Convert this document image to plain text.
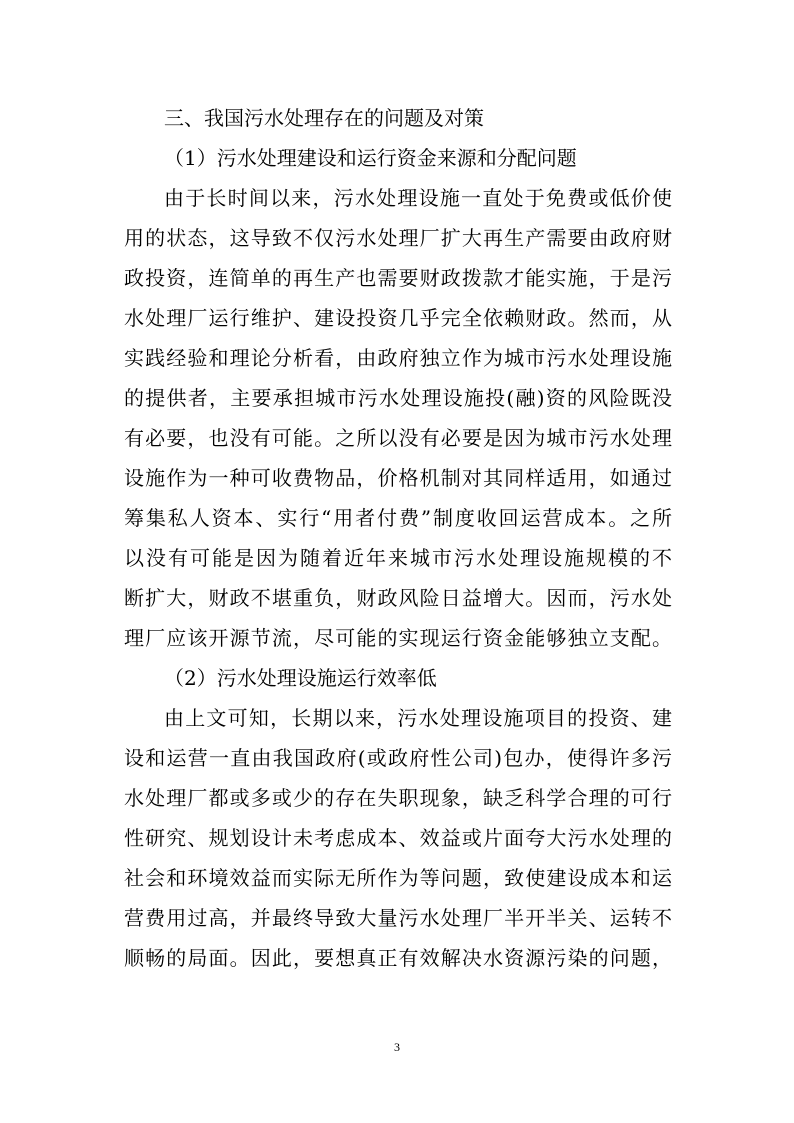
三、我国污水处理存在的问题及对策
（1）污水处理建设和运行资金来源和分配问题
由于长时间以来，污水处理设施一直处于免费或低价使
用的状态，这导致不仅污水处理厂扩大再生产需要由政府财
政投资，连简单的再生产也需要财政拨款才能实施，于是污
水处理厂运行维护、建设投资几乎完全依赖财政。然而，从
实践经验和理论分析看，由政府独立作为城市污水处理设施
的提供者，主要承担城市污水处理设施投(融)资的风险既没
有必要，也没有可能。之所以没有必要是因为城市污水处理
设施作为一种可收费物品，价格机制对其同样适用，如通过
筹集私人资本、实行“用者付费”制度收回运营成本。之所
以没有可能是因为随着近年来城市污水处理设施规模的不
断扩大，财政不堪重负，财政风险日益增大。因而，污水处
理厂应该开源节流，尽可能的实现运行资金能够独立支配。
（2）污水处理设施运行效率低
由上文可知，长期以来，污水处理设施项目的投资、建
设和运营一直由我国政府(或政府性公司)包办，使得许多污
水处理厂都或多或少的存在失职现象，缺乏科学合理的可行
性研究、规划设计未考虑成本、效益或片面夸大污水处理的
社会和环境效益而实际无所作为等问题，致使建设成本和运
营费用过高，并最终导致大量污水处理厂半开半关、运转不
顺畅的局面。因此，要想真正有效解决水资源污染的问题，
3
